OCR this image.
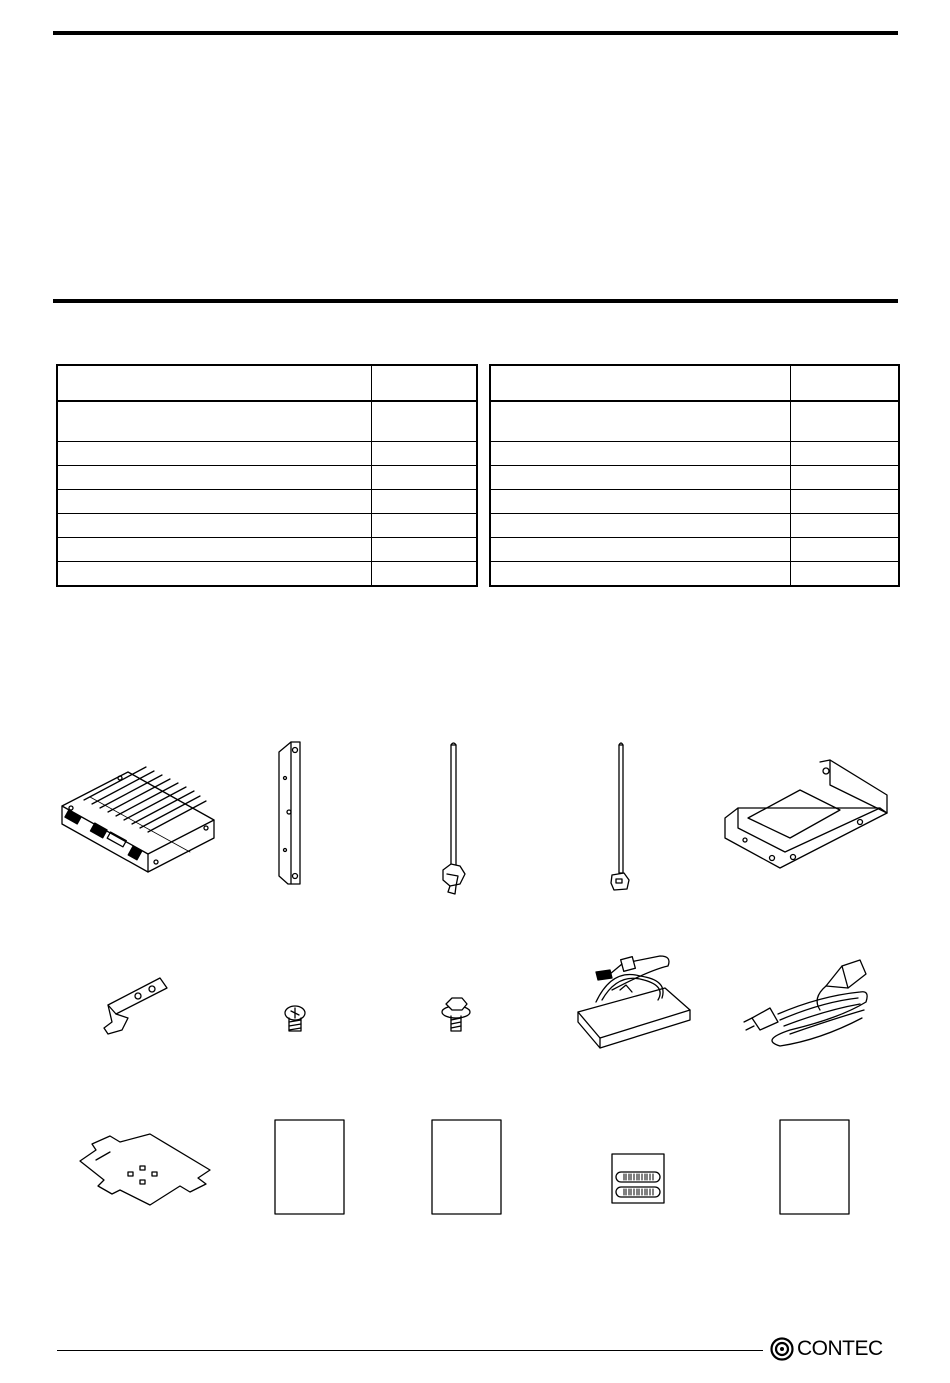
CONTEC
